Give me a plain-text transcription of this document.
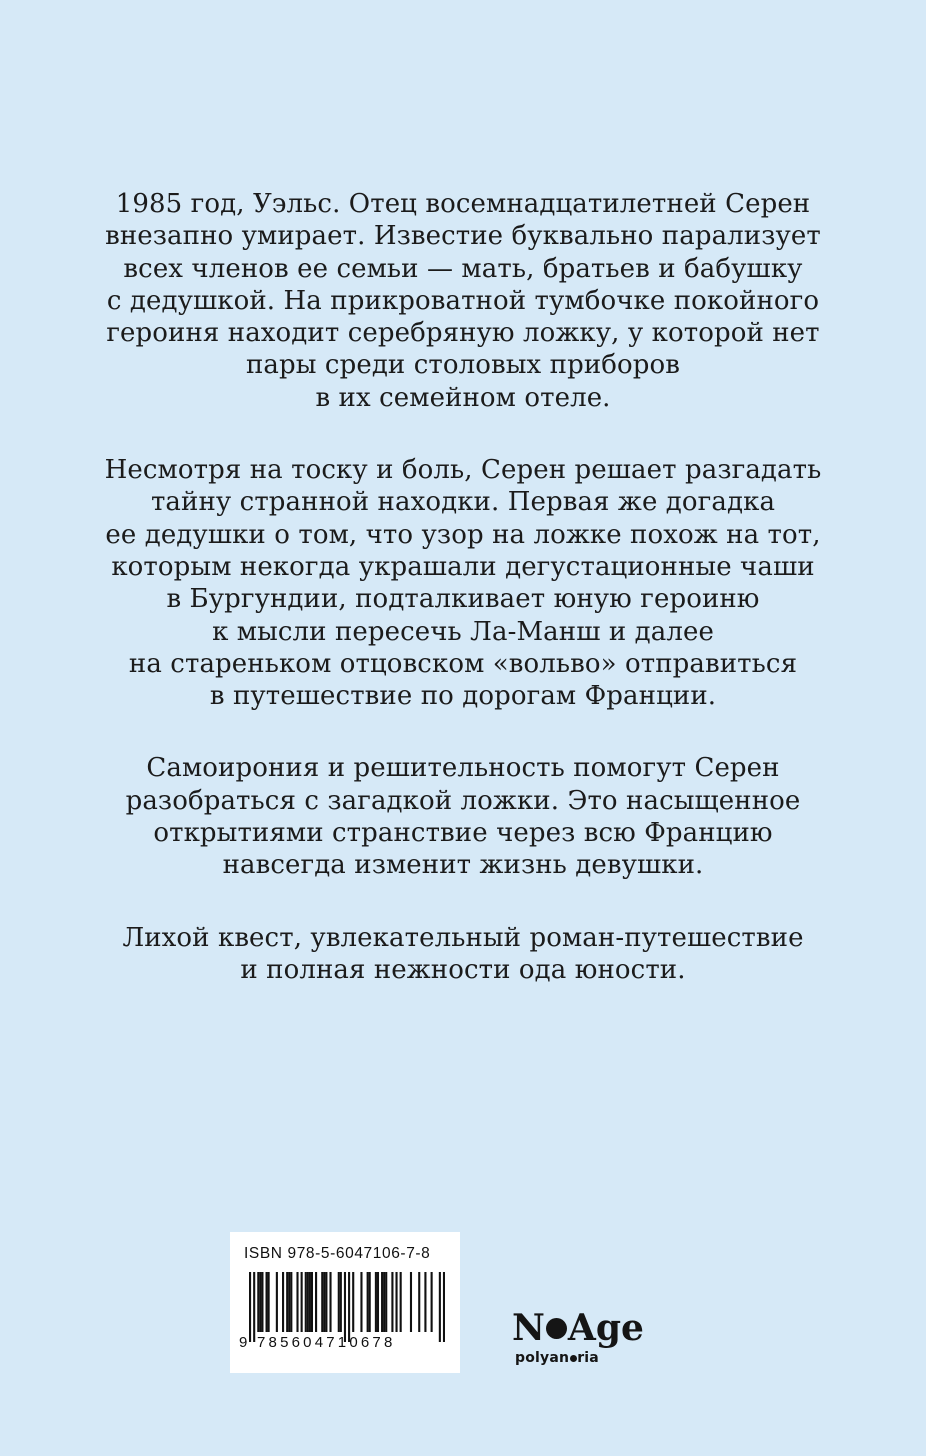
1985 год, Уэльс. Отец восемнадцатилетней Серен
внезапно умирает. Известие буквально парализует
всех членов ее семьи — мать, братьев и бабушку
с дедушкой. На прикроватной тумбочке покойного
героиня находит серебряную ложку, у которой нет
пары среди столовых приборов
в их семейном отеле.

Несмотря на тоску и боль, Серен решает разгадать
тайну странной находки. Первая же догадка
ее дедушки о том, что узор на ложке похож на тот,
которым некогда украшали дегустационные чаши
в Бургундии, подталкивает юную героиню
к мысли пересечь Ла-Манш и далее
на стареньком отцовском «вольво» отправиться
в путешествие по дорогам Франции.

Самоирония и решительность помогут Серен
разобраться с загадкой ложки. Это насыщенное
открытиями странствие через всю Францию
навсегда изменит жизнь девушки.

Лихой квест, увлекательный роман-путешествие
и полная нежности ода юности.

ISBN 978-5-6047106-7-8
9 785604710678	N Age
polyan ria
